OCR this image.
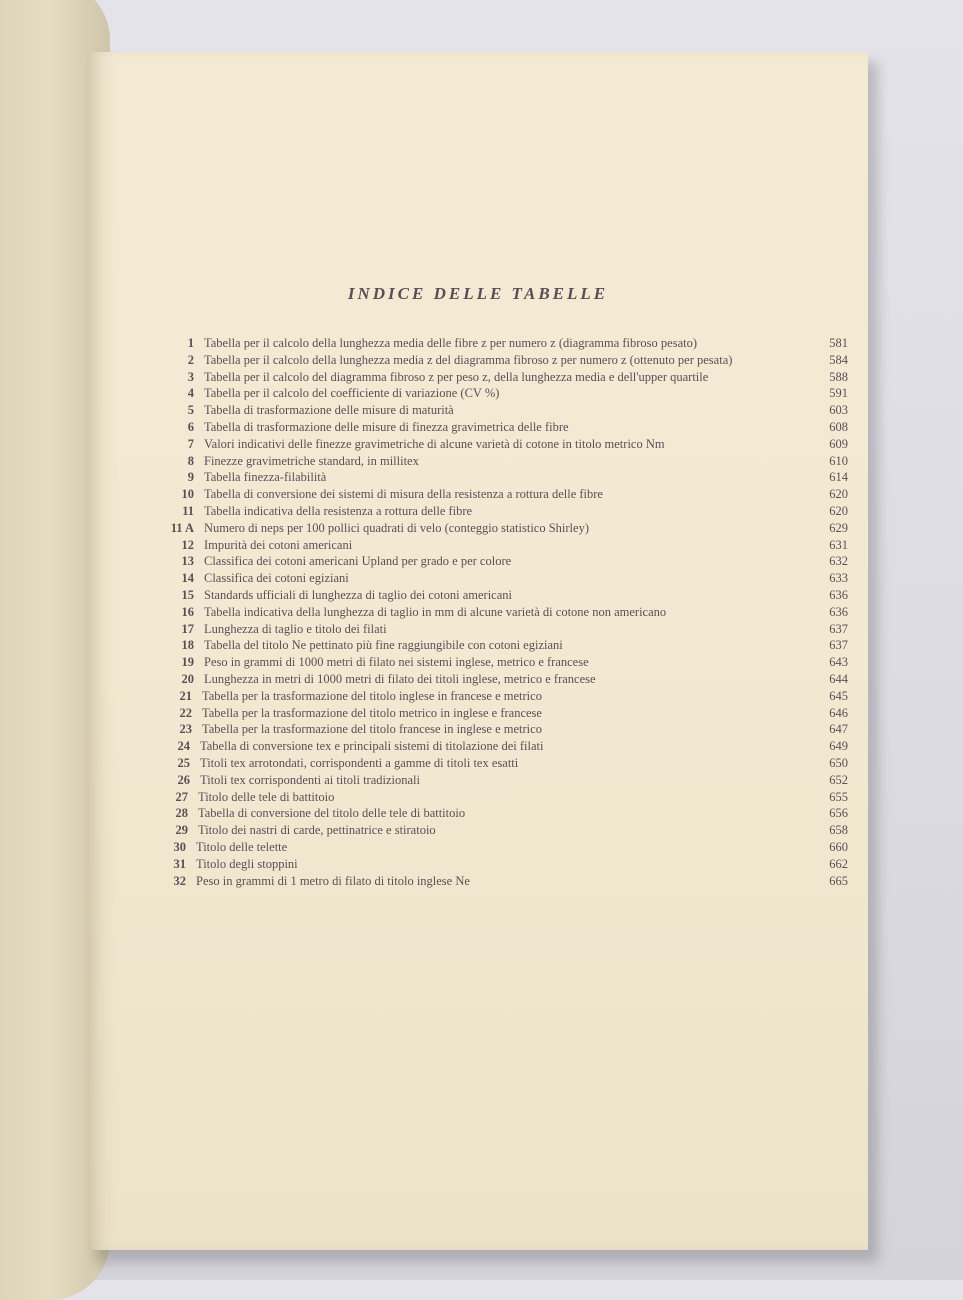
INDICE DELLE TABELLE
1 Tabella per il calcolo della lunghezza media delle fibre z per numero z (diagramma fibroso pesato)	581
2 Tabella per il calcolo della lunghezza media z del diagramma fibroso z per numero z (ottenuto per pesata)	584
3 Tabella per il calcolo del diagramma fibroso z per peso z, della lunghezza media e dell'upper quartile	588
4 Tabella per il calcolo del coefficiente di variazione (CV %)	591
5 Tabella di trasformazione delle misure di maturità	603
6 Tabella di trasformazione delle misure di finezza gravimetrica delle fibre	608
7 Valori indicativi delle finezze gravimetriche di alcune varietà di cotone in titolo metrico Nm	609
8 Finezze gravimetriche standard, in millitex	610
9 Tabella finezza-filabilità	614
10 Tabella di conversione dei sistemi di misura della resistenza a rottura delle fibre	620
11 Tabella indicativa della resistenza a rottura delle fibre	620
11 A Numero di neps per 100 pollici quadrati di velo (conteggio statistico Shirley)	629
12 Impurità dei cotoni americani	631
13 Classifica dei cotoni americani Upland per grado e per colore	632
14 Classifica dei cotoni egiziani	633
15 Standards ufficiali di lunghezza di taglio dei cotoni americani	636
16 Tabella indicativa della lunghezza di taglio in mm di alcune varietà di cotone non americano	636
17 Lunghezza di taglio e titolo dei filati	637
18 Tabella del titolo Ne pettinato più fine raggiungibile con cotoni egiziani	637
19 Peso in grammi di 1000 metri di filato nei sistemi inglese, metrico e francese	643
20 Lunghezza in metri di 1000 metri di filato dei titoli inglese, metrico e francese	644
21 Tabella per la trasformazione del titolo inglese in francese e metrico	645
22 Tabella per la trasformazione del titolo metrico in inglese e francese	646
23 Tabella per la trasformazione del titolo francese in inglese e metrico	647
24 Tabella di conversione tex e principali sistemi di titolazione dei filati	649
25 Titoli tex arrotondati, corrispondenti a gamme di titoli tex esatti	650
26 Titoli tex corrispondenti ai titoli tradizionali	652
27 Titolo delle tele di battitoio	655
28 Tabella di conversione del titolo delle tele di battitoio	656
29 Titolo dei nastri di carde, pettinatrice e stiratoio	658
30 Titolo delle telette	660
31 Titolo degli stoppini	662
32 Peso in grammi di 1 metro di filato di titolo inglese Ne	665
